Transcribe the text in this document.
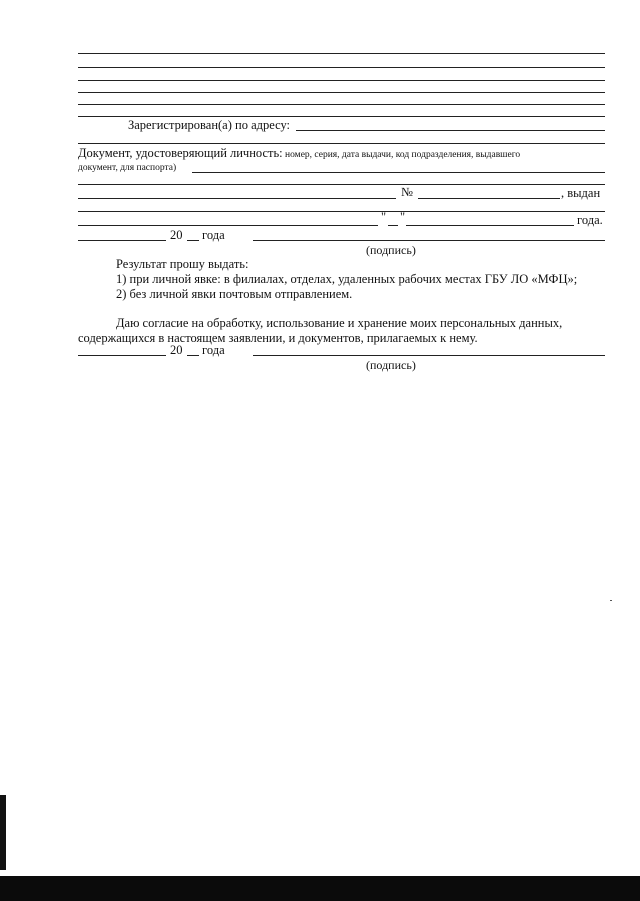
Зарегистрирован(а) по адресу:
Документ, удостоверяющий личность: номер, серия, дата выдачи, код подразделения, выдавшего
документ, для паспорта)
№	, выдан
" "	года.
20 года
(подпись)
Результат прошу выдать:
1) при личной явке: в филиалах, отделах, удаленных рабочих местах ГБУ ЛО «МФЦ»;
2) без личной явки почтовым отправлением.
Даю согласие на обработку, использование и хранение моих персональных данных,
содержащихся в настоящем заявлении, и документов, прилагаемых к нему.
20 года
(подпись)
